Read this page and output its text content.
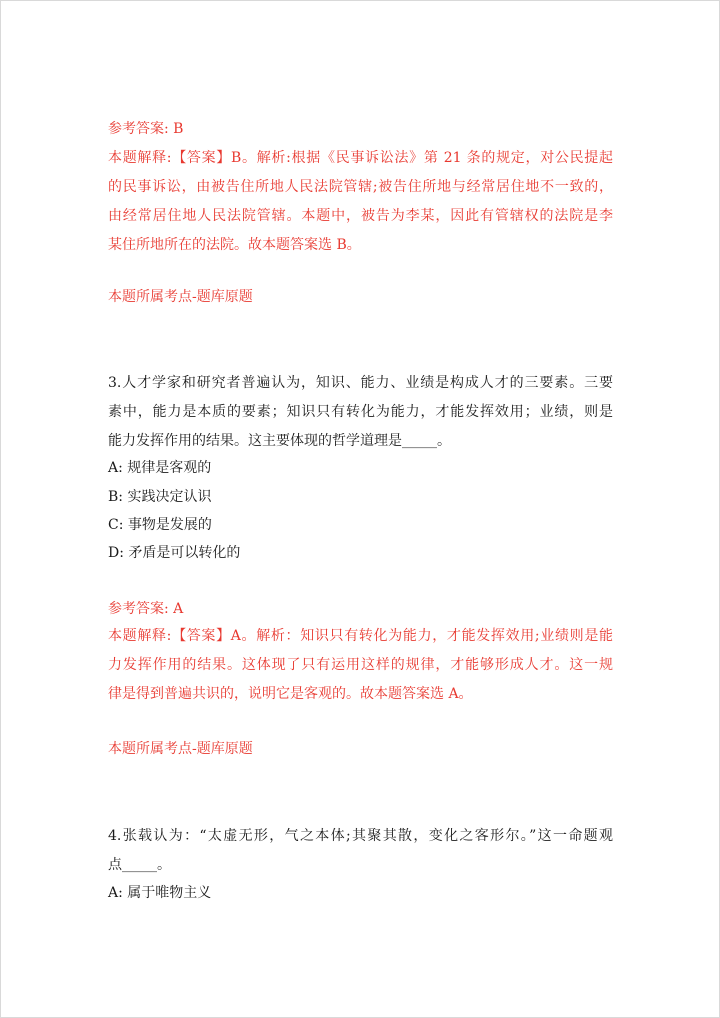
参考答案: B
本题解释:【答案】B。解析:根据《民事诉讼法》第 21 条的规定，对公民提起
的民事诉讼，由被告住所地人民法院管辖;被告住所地与经常居住地不一致的，
由经常居住地人民法院管辖。本题中，被告为李某，因此有管辖权的法院是李
某住所地所在的法院。故本题答案选 B。
本题所属考点-题库原题
3.人才学家和研究者普遍认为，知识、能力、业绩是构成人才的三要素。三要
素中，能力是本质的要素；知识只有转化为能力，才能发挥效用；业绩，则是
能力发挥作用的结果。这主要体现的哲学道理是_____。
A: 规律是客观的
B: 实践决定认识
C: 事物是发展的
D: 矛盾是可以转化的
参考答案: A
本题解释:【答案】A。解析：知识只有转化为能力，才能发挥效用;业绩则是能
力发挥作用的结果。这体现了只有运用这样的规律，才能够形成人才。这一规
律是得到普遍共识的，说明它是客观的。故本题答案选 A。
本题所属考点-题库原题
4.张载认为：“太虚无形，气之本体;其聚其散，变化之客形尔。”这一命题观
点_____。
A: 属于唯物主义
